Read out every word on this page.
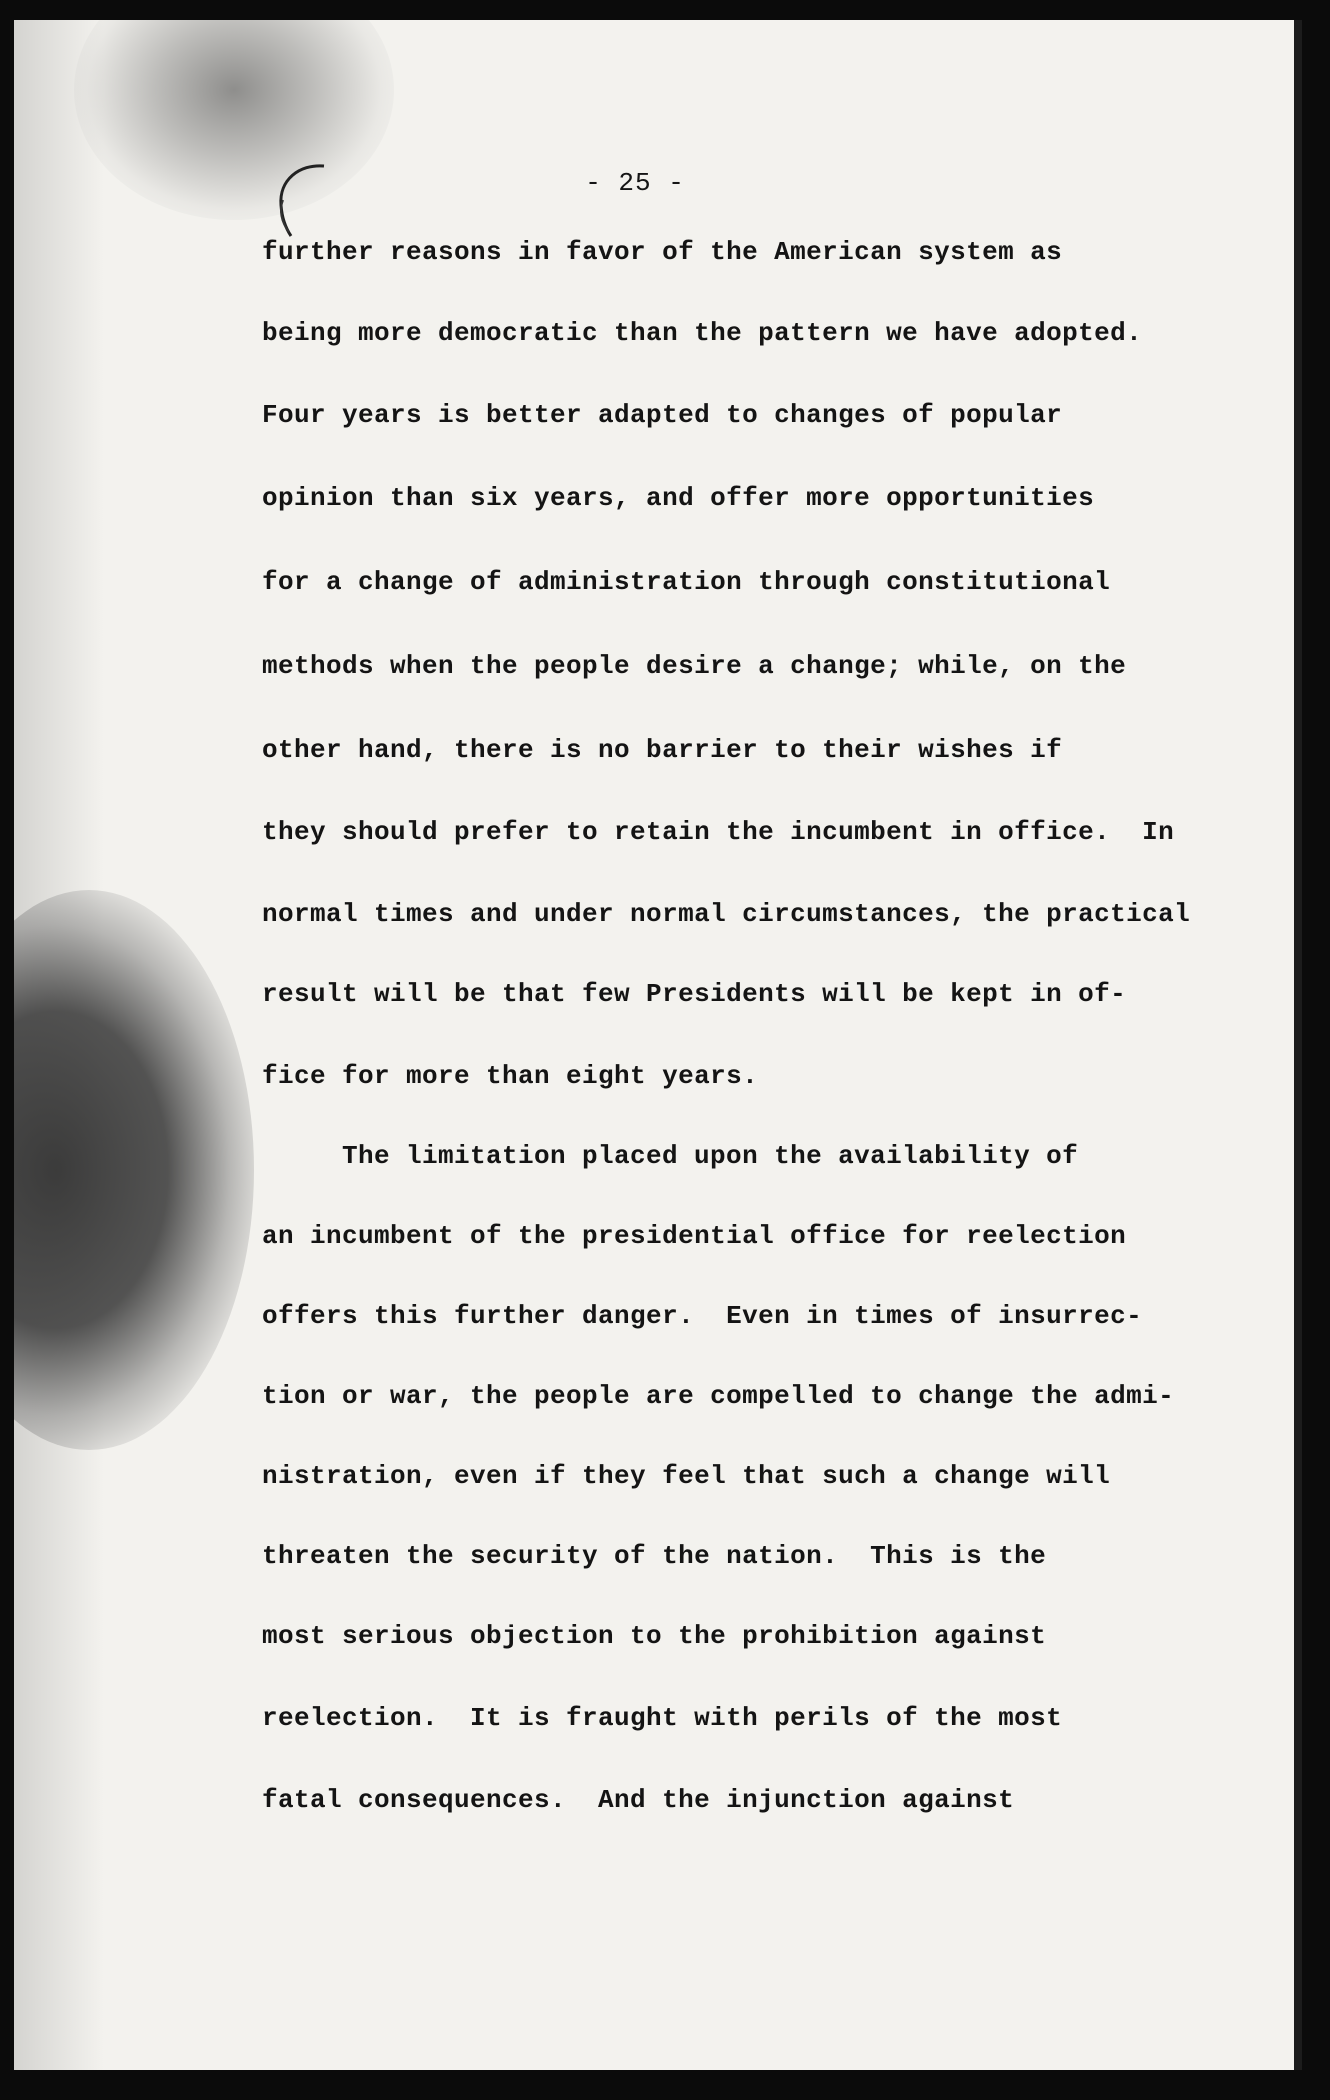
- 25 -
further reasons in favor of the American system as
being more democratic than the pattern we have adopted.
Four years is better adapted to changes of popular
opinion than six years, and offer more opportunities
for a change of administration through constitutional
methods when the people desire a change; while, on the
other hand, there is no barrier to their wishes if
they should prefer to retain the incumbent in office.  In
normal times and under normal circumstances, the practical
result will be that few Presidents will be kept in of-
fice for more than eight years.
The limitation placed upon the availability of
an incumbent of the presidential office for reelection
offers this further danger.  Even in times of insurrec-
tion or war, the people are compelled to change the admi-
nistration, even if they feel that such a change will
threaten the security of the nation.  This is the
most serious objection to the prohibition against
reelection.  It is fraught with perils of the most
fatal consequences.  And the injunction against
